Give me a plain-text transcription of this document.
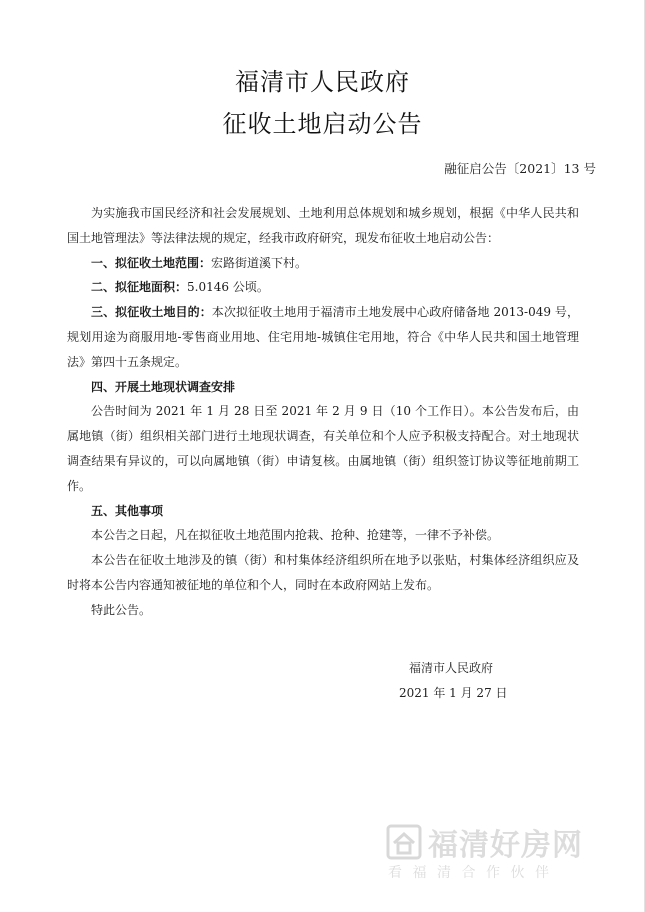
福清市人民政府
征收土地启动公告
融征启公告〔2021〕13 号

为实施我市国民经济和社会发展规划、土地利用总体规划和城乡规划，根据《中华人民共和国土地管理法》等法律法规的规定，经我市政府研究，现发布征收土地启动公告：

一、拟征收土地范围：宏路街道溪下村。

二、拟征地面积：5.0146 公顷。

三、拟征收土地目的：本次拟征收土地用于福清市土地发展中心政府储备地 2013-049 号，规划用途为商服用地-零售商业用地、住宅用地-城镇住宅用地，符合《中华人民共和国土地管理法》第四十五条规定。

四、开展土地现状调查安排

公告时间为 2021 年 1 月 28 日至 2021 年 2 月 9 日（10 个工作日）。本公告发布后，由属地镇（街）组织相关部门进行土地现状调查，有关单位和个人应予积极支持配合。对土地现状调查结果有异议的，可以向属地镇（街）申请复核。由属地镇（街）组织签订协议等征地前期工作。

五、其他事项

本公告之日起，凡在拟征收土地范围内抢栽、抢种、抢建等，一律不予补偿。

本公告在征收土地涉及的镇（街）和村集体经济组织所在地予以张贴，村集体经济组织应及时将本公告内容通知被征地的单位和个人，同时在本政府网站上发布。

特此公告。

福清市人民政府
2021 年 1 月 27 日
福清好房网
看福清合作伙伴
